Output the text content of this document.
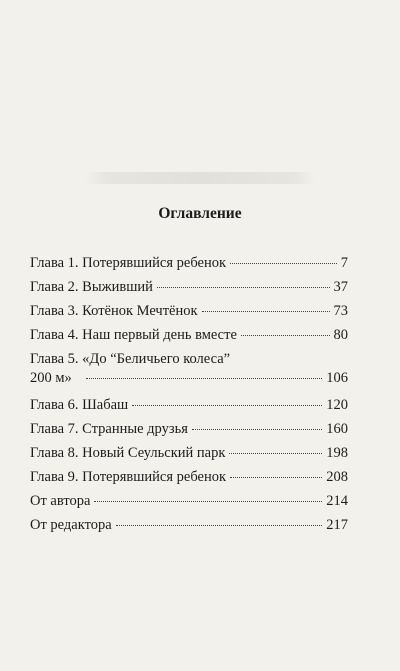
Оглавление
Глава 1. Потерявшийся ребенок	7
Глава 2. Выживший	37
Глава 3. Котёнок Мечтёнок	73
Глава 4. Наш первый день вместе	80
Глава 5. «До “Беличьего колеса”
200 м»	106
Глава 6. Шабаш	120
Глава 7. Странные друзья	160
Глава 8. Новый Сеульский парк	198
Глава 9. Потерявшийся ребенок	208
От автора	214
От редактора	217
